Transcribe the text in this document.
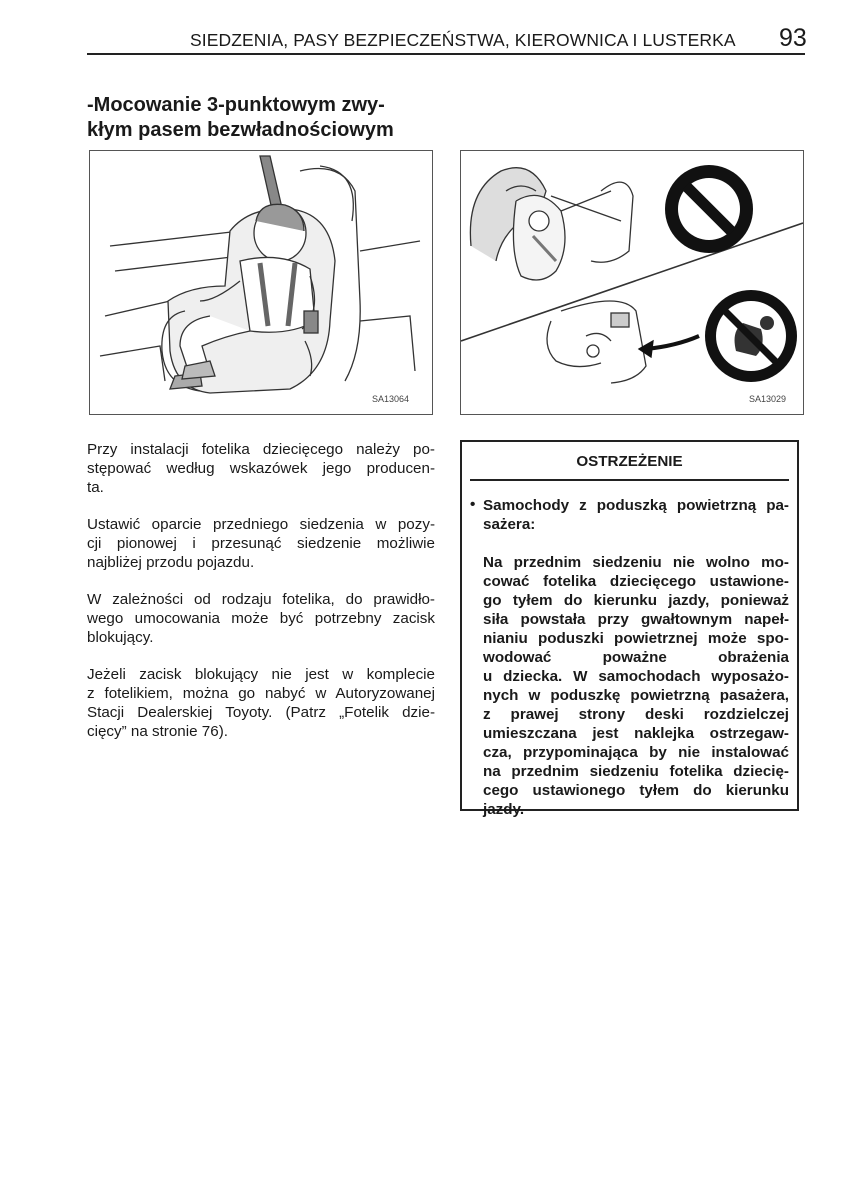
SIEDZENIA, PASY BEZPIECZEŃSTWA, KIEROWNICA I LUSTERKA 93
-Mocowanie 3-punktowym zwy-
kłym pasem bezwładnościowym
SA13064	SA13029
Przy instalacji fotelika dziecięcego należy po-
stępować według wskazówek jego producen-
ta.
Ustawić oparcie przedniego siedzenia w pozy-
cji pionowej i przesunąć siedzenie możliwie
najbliżej przodu pojazdu.
W zależności od rodzaju fotelika, do prawidło-
wego umocowania może być potrzebny zacisk
blokujący.
Jeżeli zacisk blokujący nie jest w komplecie
z fotelikiem, można go nabyć w Autoryzowanej
Stacji Dealerskiej Toyoty. (Patrz „Fotelik dzie-
cięcy” na stronie 76).
OSTRZEŻENIE
• Samochody z poduszką powietrzną pa-
sażera:
Na przednim siedzeniu nie wolno mo-
cować fotelika dziecięcego ustawione-
go tyłem do kierunku jazdy, ponieważ
siła powstała przy gwałtownym napeł-
nianiu poduszki powietrznej może spo-
wodować poważne obrażenia
u dziecka. W samochodach wyposażo-
nych w poduszkę powietrzną pasażera,
z prawej strony deski rozdzielczej
umieszczana jest naklejka ostrzegaw-
cza, przypominająca by nie instalować
na przednim siedzeniu fotelika dziecię-
cego ustawionego tyłem do kierunku
jazdy.
